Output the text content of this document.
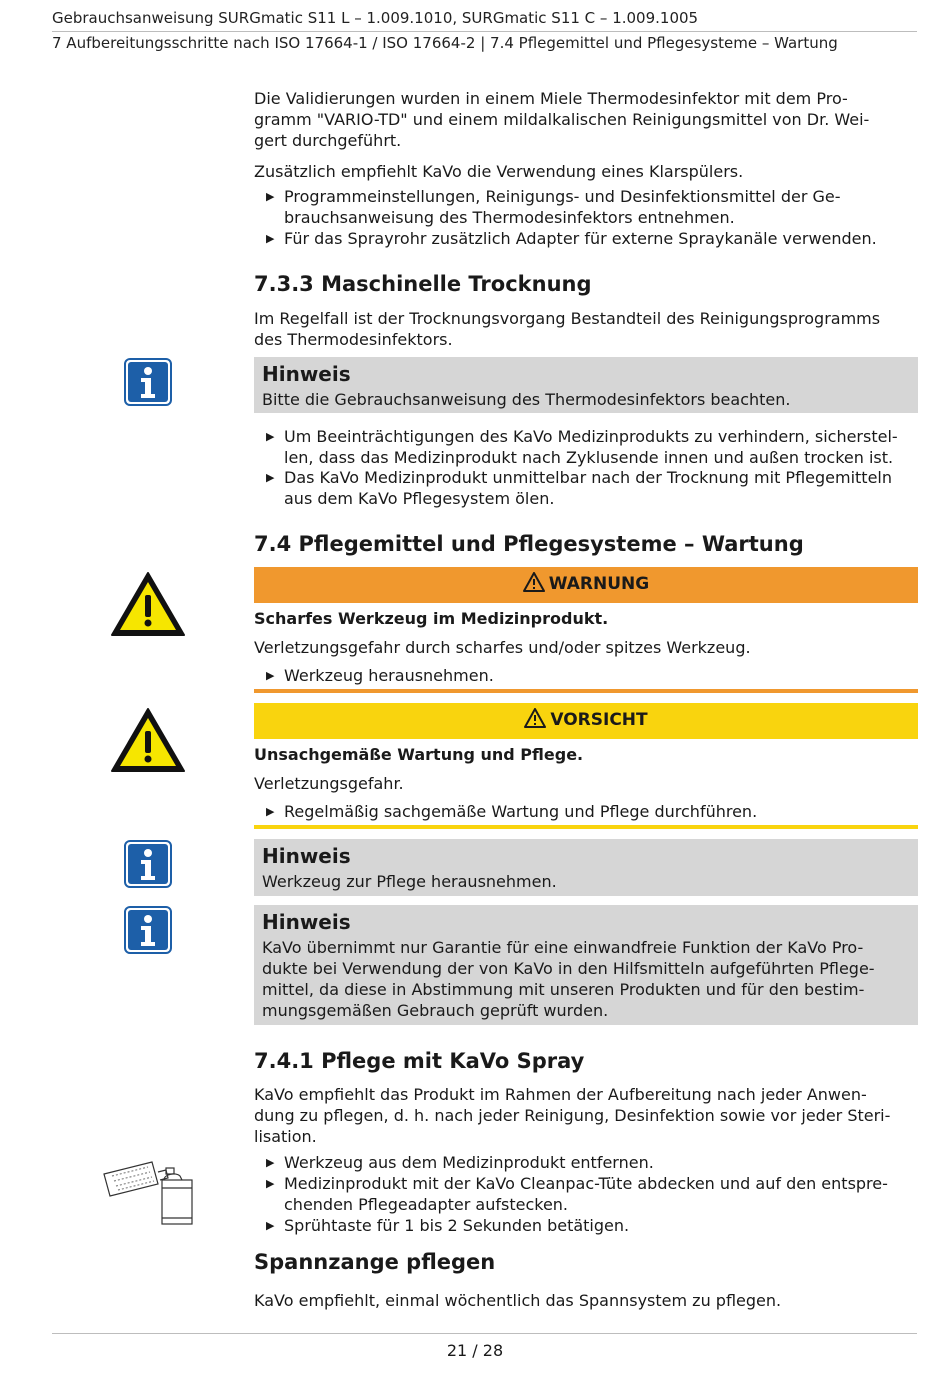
Gebrauchsanweisung SURGmatic S11 L – 1.009.1010, SURGmatic S11 C – 1.009.1005
7 Aufbereitungsschritte nach ISO 17664-1 / ISO 17664-2 | 7.4 Pflegemittel und Pflegesysteme – Wartung
Die Validierungen wurden in einem Miele Thermodesinfektor mit dem Pro-
gramm "VARIO-TD" und einem mildalkalischen Reinigungsmittel von Dr. Wei-
gert durchgeführt.
Zusätzlich empfiehlt KaVo die Verwendung eines Klarspülers.
▶ Programmeinstellungen, Reinigungs- und Desinfektionsmittel der Ge-
brauchsanweisung des Thermodesinfektors entnehmen.
▶ Für das Sprayrohr zusätzlich Adapter für externe Spraykanäle verwenden.
7.3.3 Maschinelle Trocknung
Im Regelfall ist der Trocknungsvorgang Bestandteil des Reinigungsprogramms
des Thermodesinfektors.
Hinweis
Bitte die Gebrauchsanweisung des Thermodesinfektors beachten.
▶ Um Beeinträchtigungen des KaVo Medizinprodukts zu verhindern, sicherstel-
len, dass das Medizinprodukt nach Zyklusende innen und außen trocken ist.
▶ Das KaVo Medizinprodukt unmittelbar nach der Trocknung mit Pflegemitteln
aus dem KaVo Pflegesystem ölen.
7.4 Pflegemittel und Pflegesysteme – Wartung
WARNUNG
Scharfes Werkzeug im Medizinprodukt.
Verletzungsgefahr durch scharfes und/oder spitzes Werkzeug.
▶ Werkzeug herausnehmen.
VORSICHT
Unsachgemäße Wartung und Pflege.
Verletzungsgefahr.
▶ Regelmäßig sachgemäße Wartung und Pflege durchführen.
Hinweis
Werkzeug zur Pflege herausnehmen.
Hinweis
KaVo übernimmt nur Garantie für eine einwandfreie Funktion der KaVo Pro-
dukte bei Verwendung der von KaVo in den Hilfsmitteln aufgeführten Pflege-
mittel, da diese in Abstimmung mit unseren Produkten und für den bestim-
mungsgemäßen Gebrauch geprüft wurden.
7.4.1 Pflege mit KaVo Spray
KaVo empfiehlt das Produkt im Rahmen der Aufbereitung nach jeder Anwen-
dung zu pflegen, d. h. nach jeder Reinigung, Desinfektion sowie vor jeder Steri-
lisation.
▶ Werkzeug aus dem Medizinprodukt entfernen.
▶ Medizinprodukt mit der KaVo Cleanpac-Tüte abdecken und auf den entspre-
chenden Pflegeadapter aufstecken.
▶ Sprühtaste für 1 bis 2 Sekunden betätigen.
Spannzange pflegen
KaVo empfiehlt, einmal wöchentlich das Spannsystem zu pflegen.
21 / 28
